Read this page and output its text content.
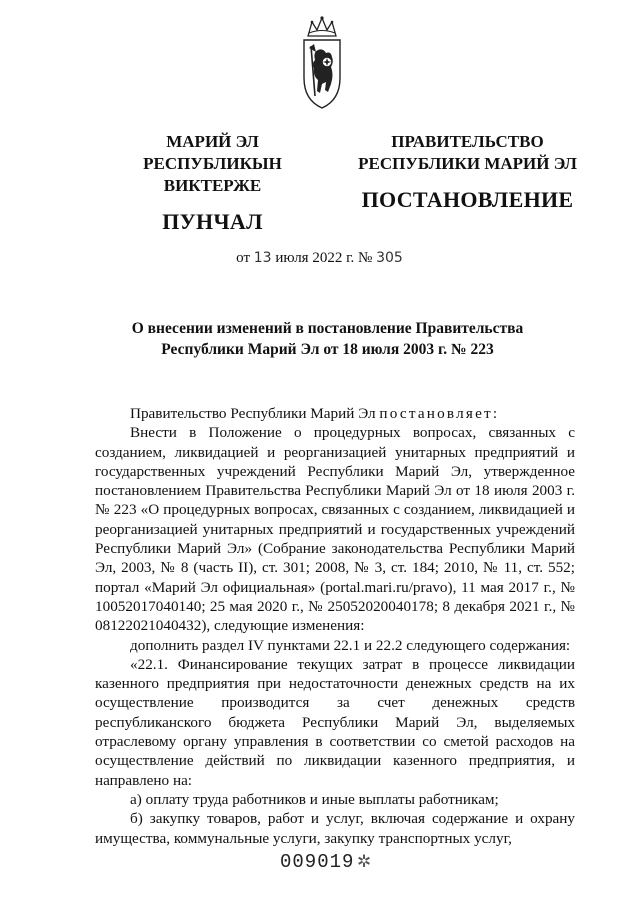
МАРИЙ ЭЛ РЕСПУБЛИКЫН
ВИКТЕРЖЕ
ПУНЧАЛ
ПРАВИТЕЛЬСТВО
РЕСПУБЛИКИ МАРИЙ ЭЛ
ПОСТАНОВЛЕНИЕ
от 13 июля 2022 г. № 305
О внесении изменений в постановление Правительства
Республики Марий Эл от 18 июля 2003 г. № 223

Правительство Республики Марий Эл постановляет:

Внести в Положение о процедурных вопросах, связанных с созданием, ликвидацией и реорганизацией унитарных предприятий и государственных учреждений Республики Марий Эл, утвержденное постановлением Правительства Республики Марий Эл от 18 июля 2003 г. № 223 «О процедурных вопросах, связанных с созданием, ликвидацией и реорганизацией унитарных предприятий и государственных учреждений Республики Марий Эл» (Собрание законодательства Республики Марий Эл, 2003, № 8 (часть II), ст. 301; 2008, № 3, ст. 184; 2010, № 11, ст. 552; портал «Марий Эл официальная» (portal.mari.ru/pravo), 11 мая 2017 г., № 10052017040140; 25 мая 2020 г., № 25052020040178; 8 декабря 2021 г., № 08122021040432), следующие изменения:

дополнить раздел IV пунктами 22.1 и 22.2 следующего содержания:

«22.1. Финансирование текущих затрат в процессе ликвидации казенного предприятия при недостаточности денежных средств на их осуществление производится за счет денежных средств республиканского бюджета Республики Марий Эл, выделяемых отраслевому органу управления в соответствии со сметой расходов на осуществление действий по ликвидации казенного предприятия, и направлено на:

а) оплату труда работников и иные выплаты работникам;

б) закупку товаров, работ и услуг, включая содержание и охрану имущества, коммунальные услуги, закупку транспортных услуг,

009019 ✲
